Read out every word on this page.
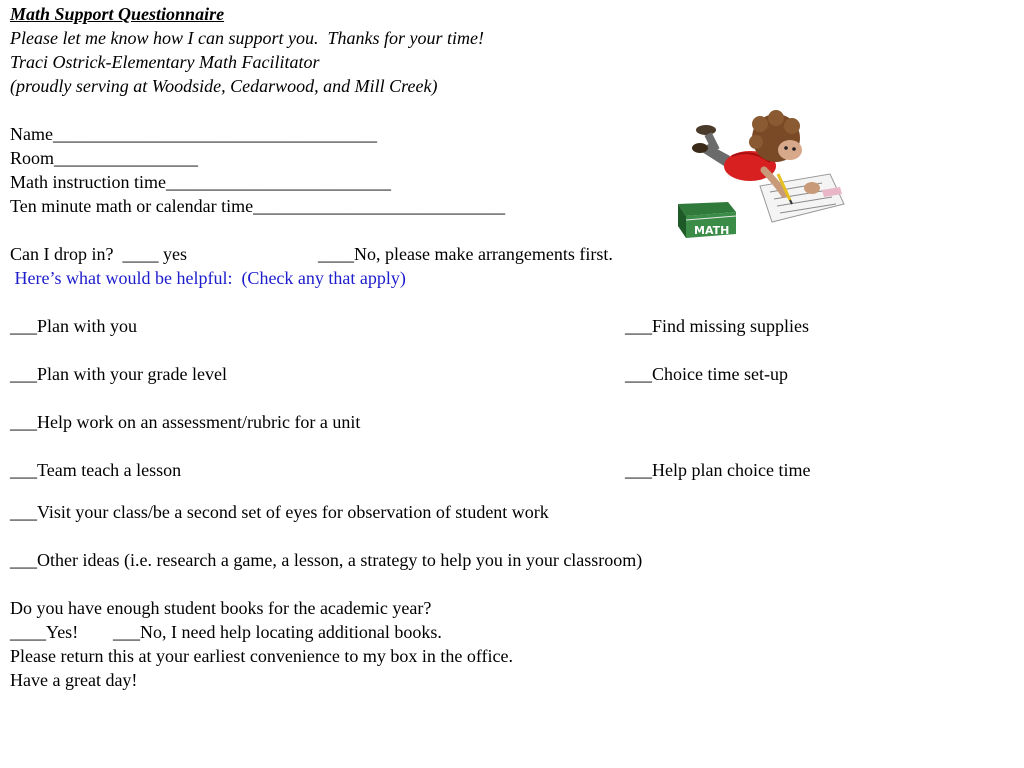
Math Support Questionnaire
Please let me know how I can support you.  Thanks for your time!
Traci Ostrick-Elementary Math Facilitator
(proudly serving at Woodside, Cedarwood, and Mill Creek)
Name____________________________________
Room________________
Math instruction time_________________________
Ten minute math or calendar time____________________________
Can I drop in?  ____ yes	____No, please make arrangements first.
Here’s what would be helpful:  (Check any that apply)
___Plan with you	___Find missing supplies
___Plan with your grade level	___Choice time set-up
___Help work on an assessment/rubric for a unit
___Team teach a lesson	___Help plan choice time
___Visit your class/be a second set of eyes for observation of student work
___Other ideas (i.e. research a game, a lesson, a strategy to help you in your classroom)
Do you have enough student books for the academic year?
____Yes! ___No, I need help locating additional books.
Please return this at your earliest convenience to my box in the office.
Have a great day!
MATH
